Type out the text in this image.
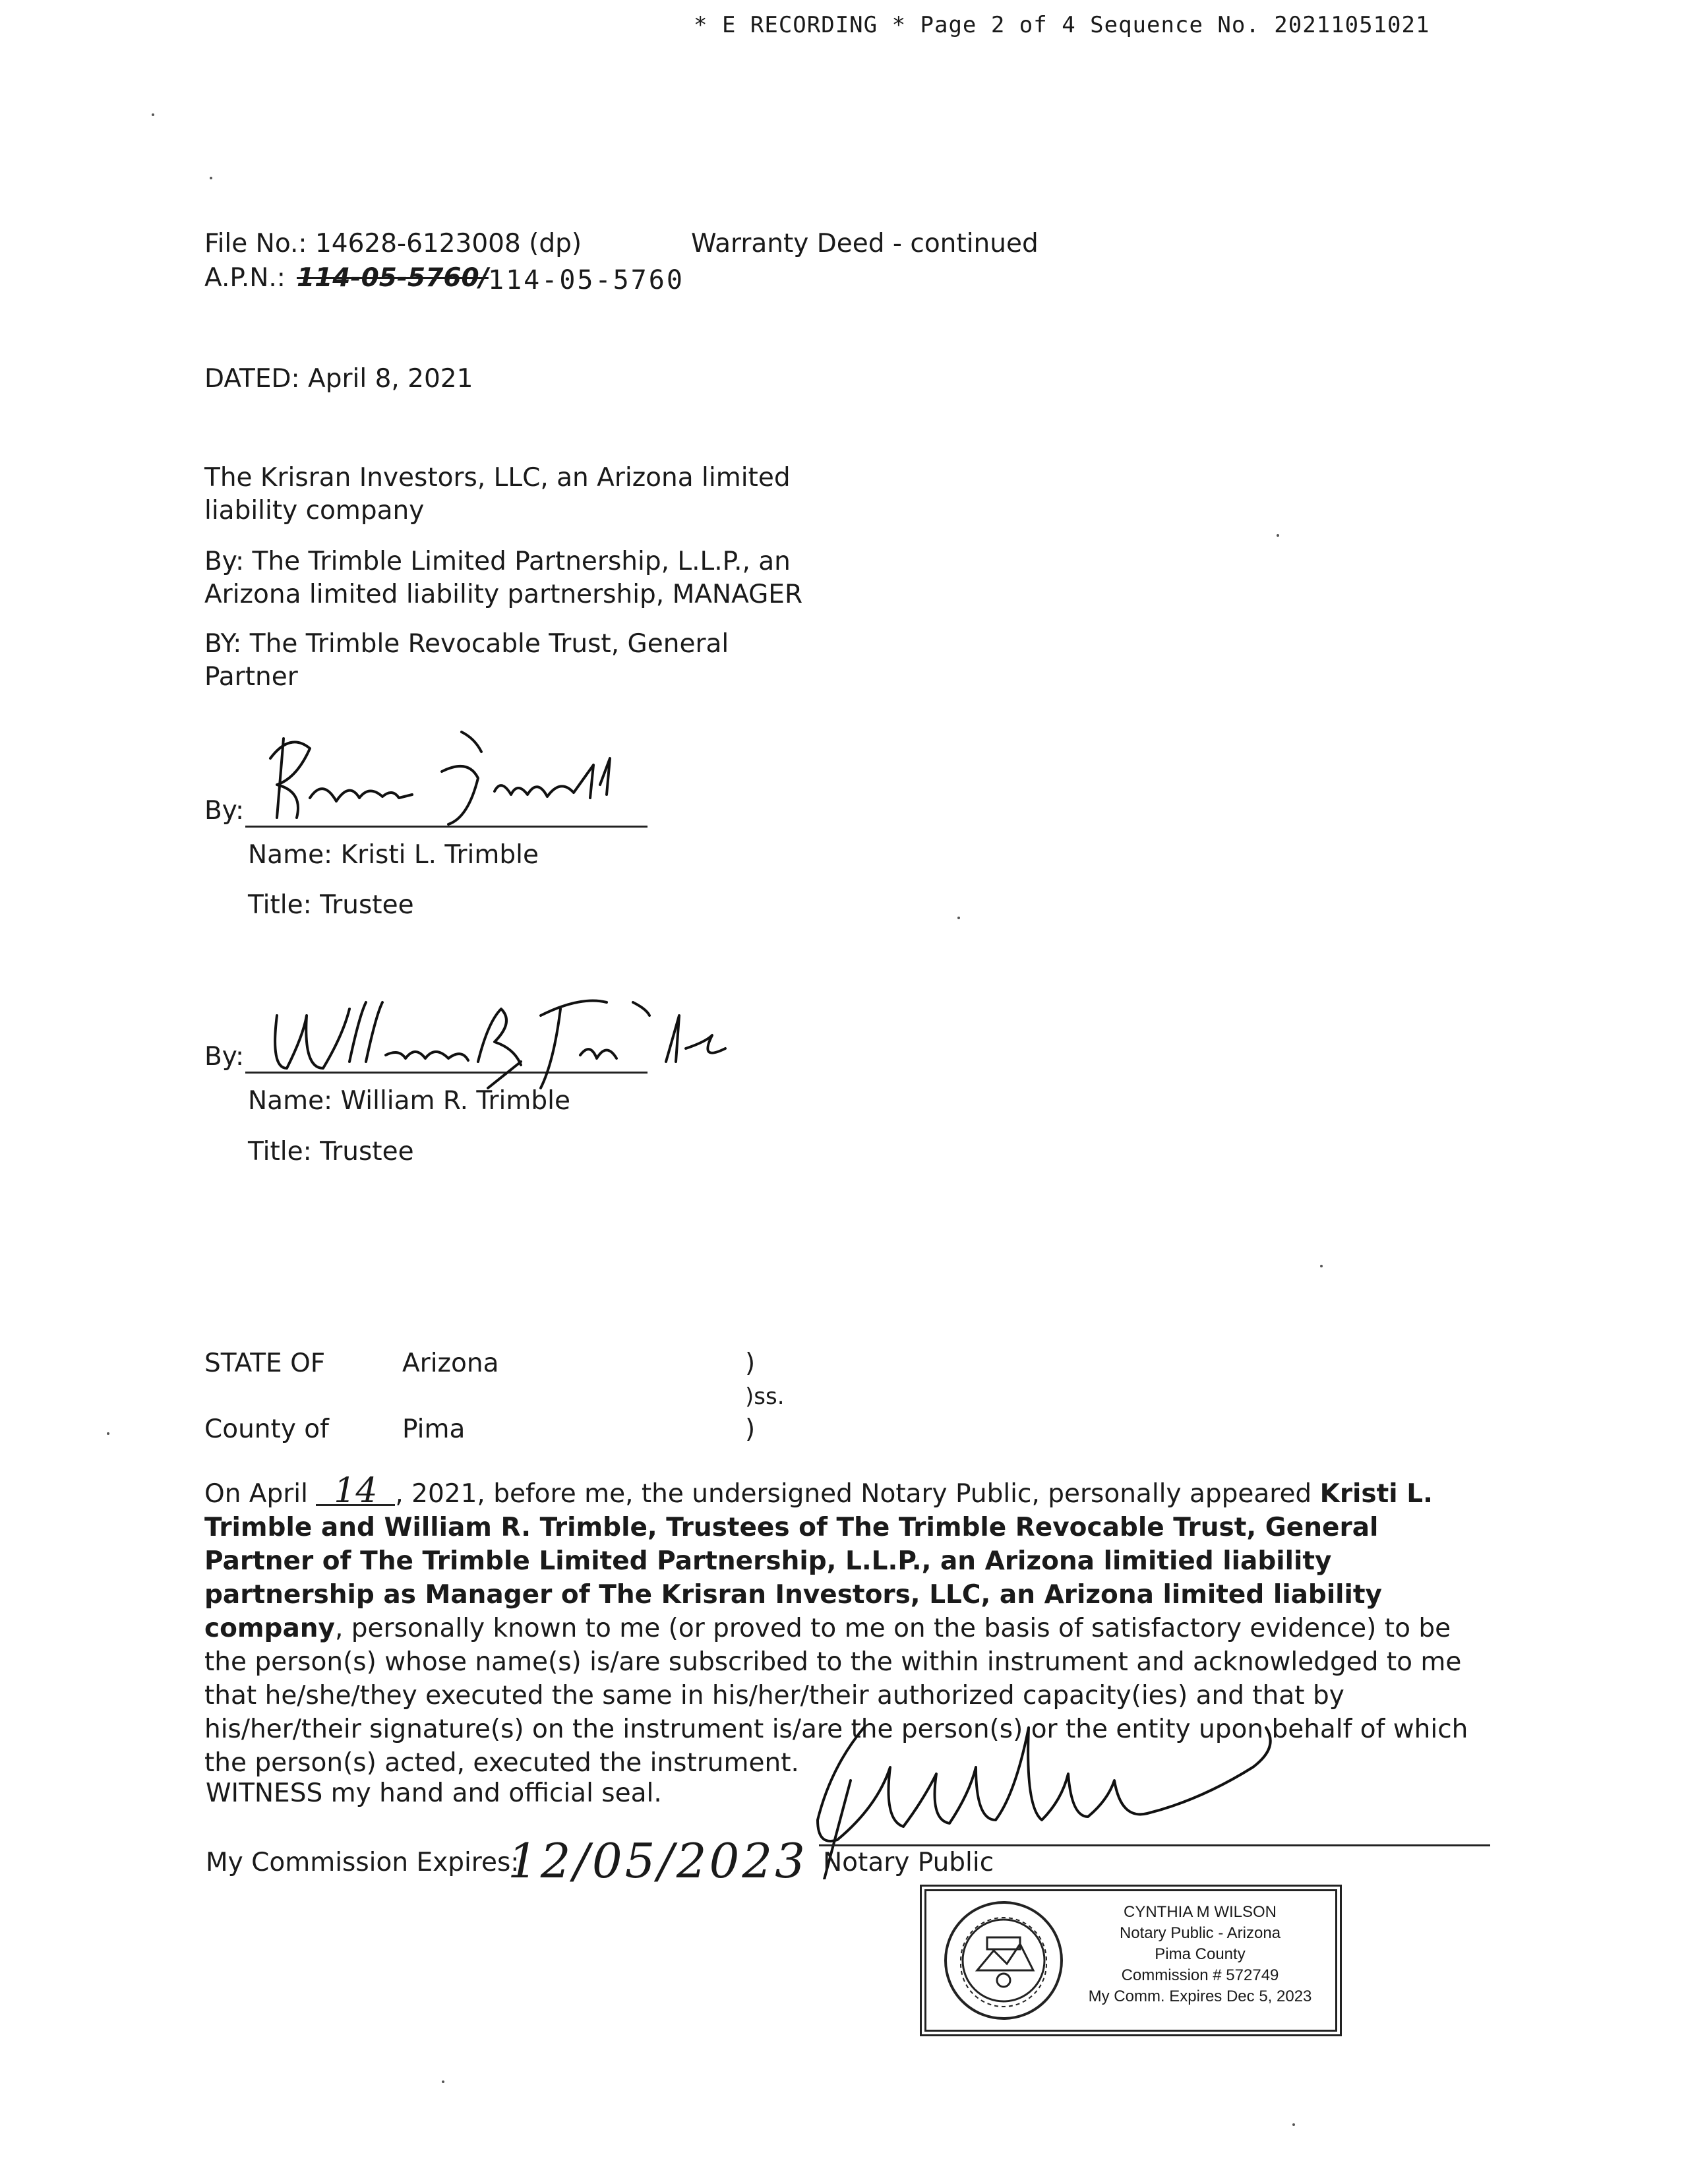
* E RECORDING * Page 2 of 4 Sequence No. 20211051021
File No.: 14628-6123008 (dp)	Warranty Deed - continued
A.P.N.: 114-05-5760/ 114-05-5760
DATED: April 8, 2021
The Krisran Investors, LLC, an Arizona limited
liability company
By: The Trimble Limited Partnership, L.L.P., an
Arizona limited liability partnership, MANAGER
BY: The Trimble Revocable Trust, General
Partner
By:
Name: Kristi L. Trimble
Title: Trustee
By:
Name: William R. Trimble
Title: Trustee
STATE OF	Arizona	)
)ss.
County of	Pima	)
On April 14 , 2021, before me, the undersigned Notary Public, personally appeared Kristi L. Trimble and William R. Trimble, Trustees of The Trimble Revocable Trust, General Partner of The Trimble Limited Partnership, L.L.P., an Arizona limitied liability partnership as Manager of The Krisran Investors, LLC, an Arizona limited liability company, personally known to me (or proved to me on the basis of satisfactory evidence) to be the person(s) whose name(s) is/are subscribed to the within instrument and acknowledged to me that he/she/they executed the same in his/her/their authorized capacity(ies) and that by his/her/their signature(s) on the instrument is/are the person(s) or the entity upon behalf of which the person(s) acted, executed the instrument.
WITNESS my hand and official seal.
My Commission Expires:
12/05/2023 Notary Public
CYNTHIA M WILSON
Notary Public - Arizona
Pima County
Commission # 572749
My Comm. Expires Dec 5, 2023
